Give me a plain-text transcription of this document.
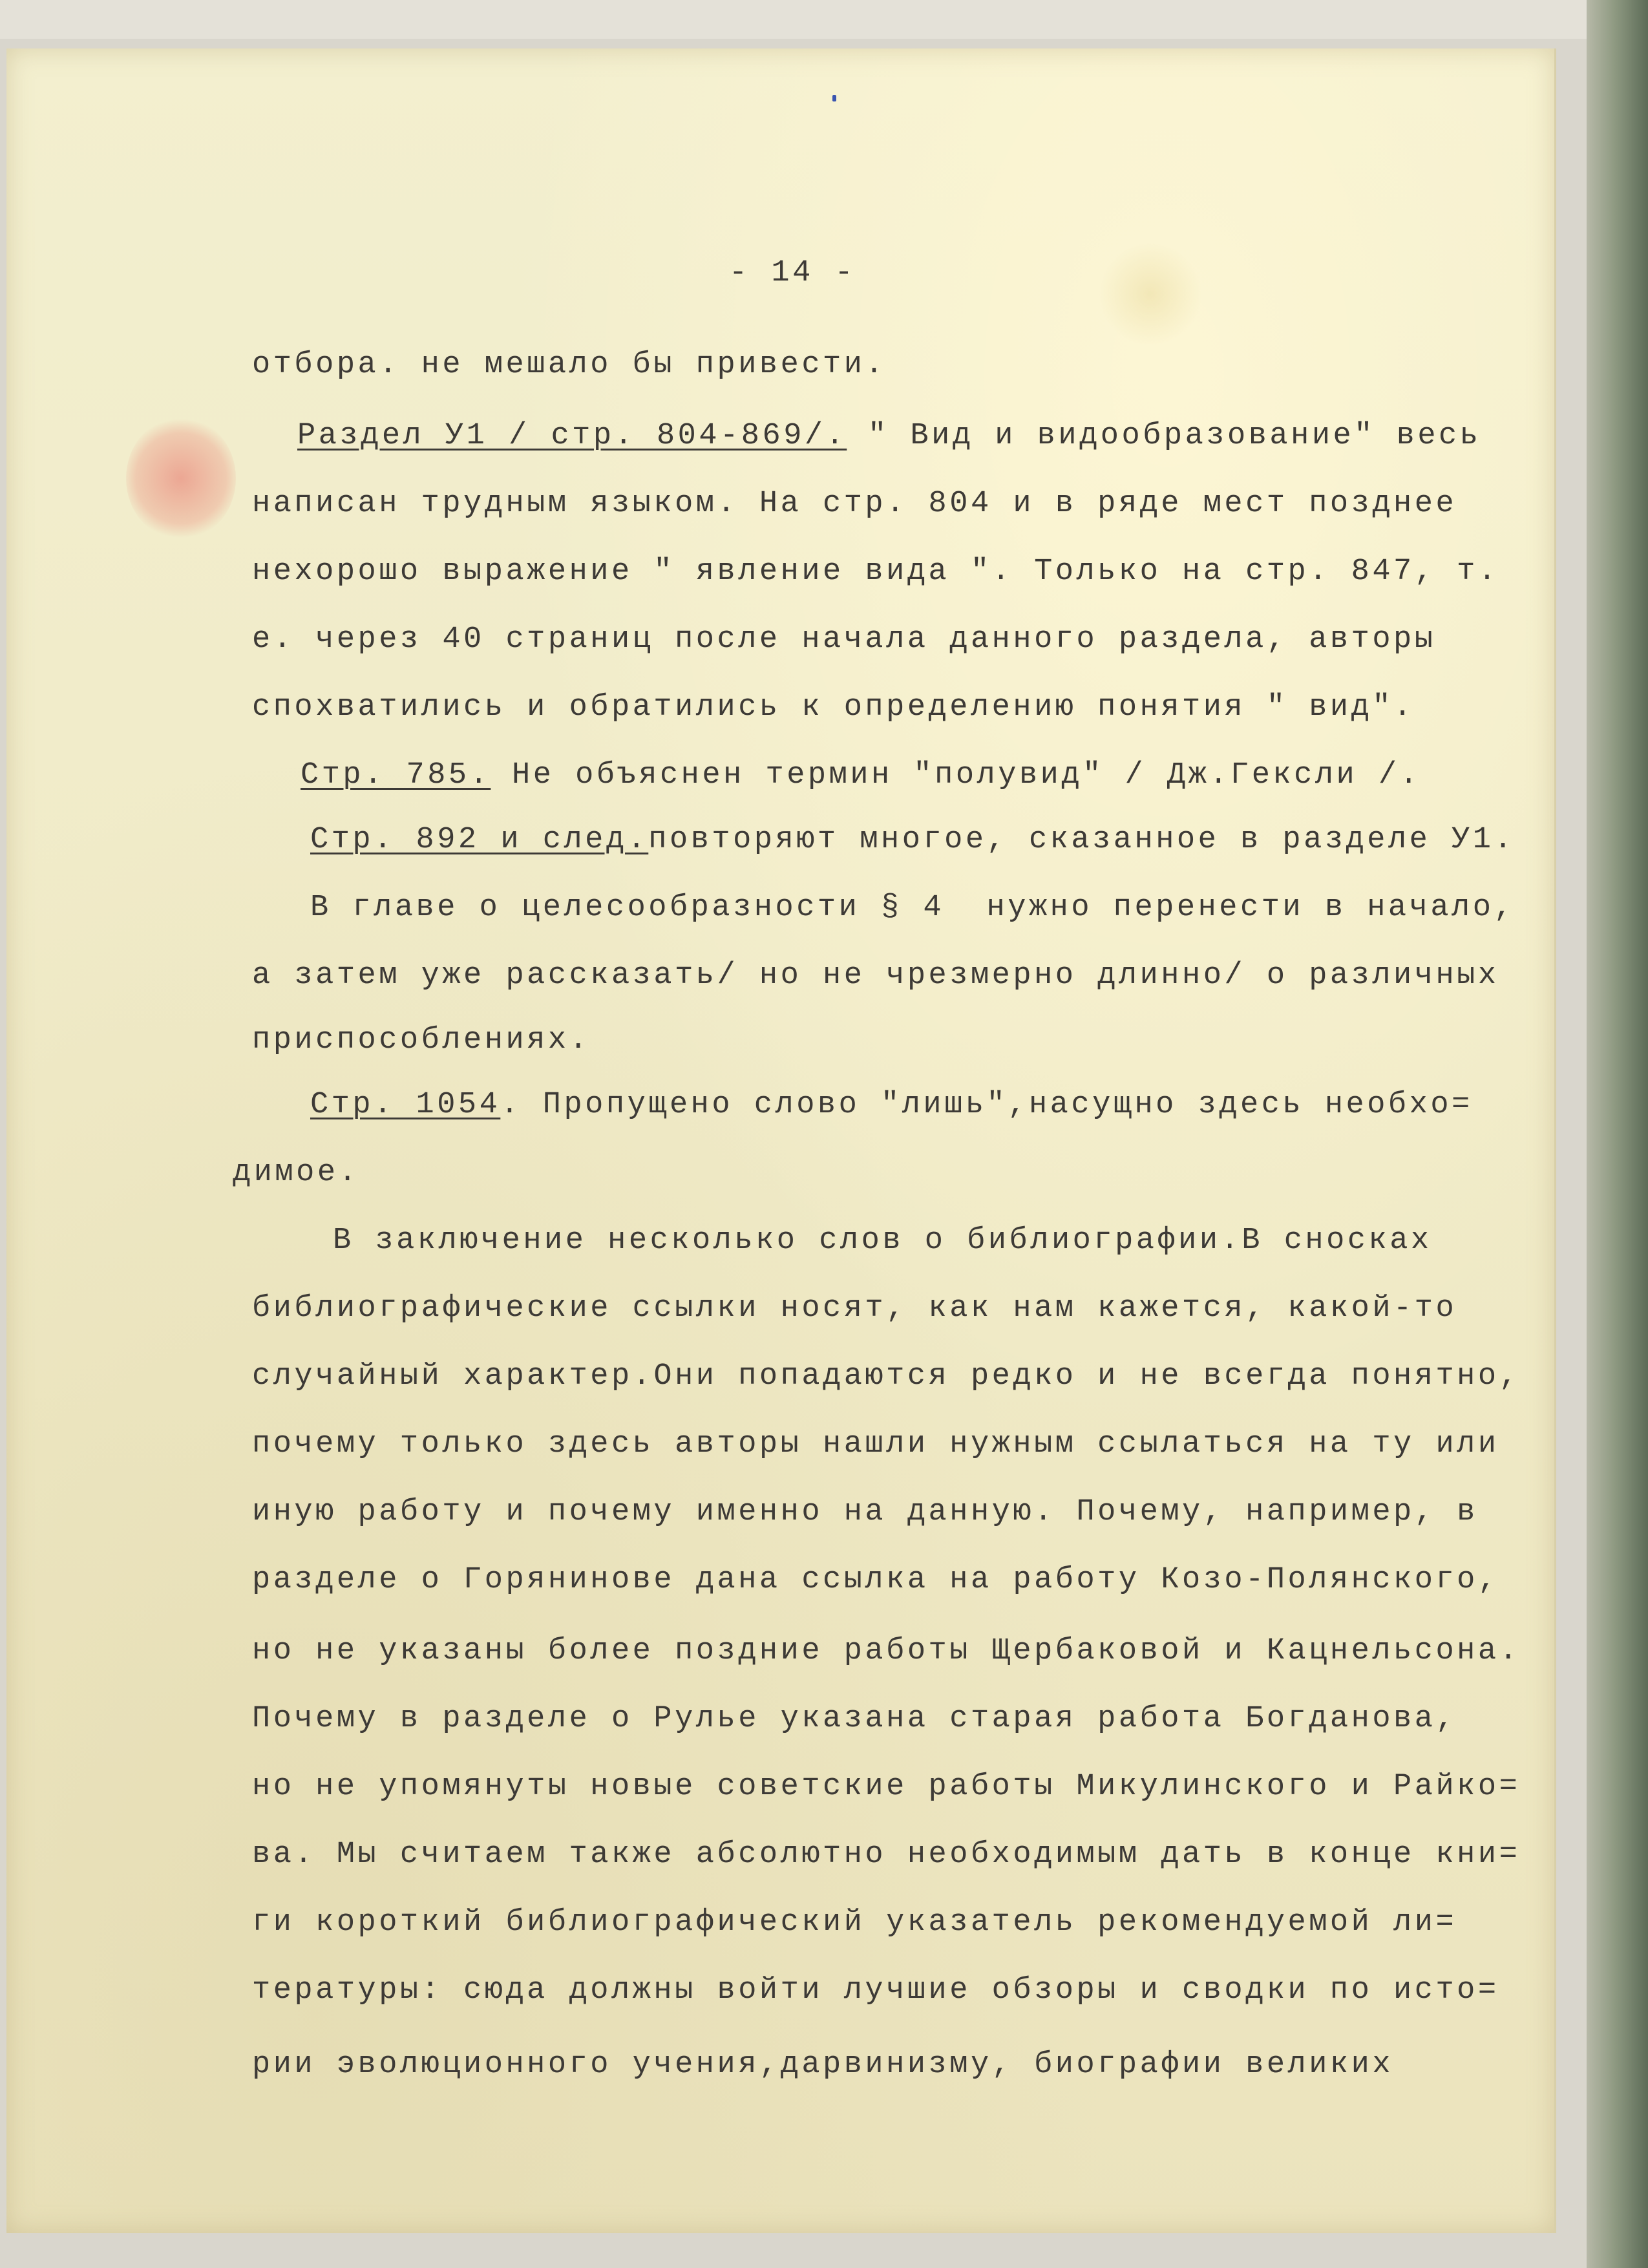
- 14 -

отбора. не мешало бы привести.

Раздел У1 / стр. 804-869/. " Вид и видообразование" весь

написан трудным языком. На стр. 804 и в ряде мест позднее

нехорошо выражение " явление вида ". Только на стр. 847, т.

е. через 40 страниц после начала данного раздела, авторы

спохватились и обратились к определению понятия " вид".

Стр. 785. Не объяснен термин "полувид" / Дж.Гексли /.

Стр. 892 и след.повторяют многое, сказанное в разделе У1.

В главе о целесообразности § 4  нужно перенести в начало,

а затем уже рассказать/ но не чрезмерно длинно/ о различных

приспособлениях.

Стр. 1054. Пропущено слово "лишь",насущно здесь необхо=

димое.

В заключение несколько слов о библиографии.В сносках

библиографические ссылки носят, как нам кажется, какой-то

случайный характер.Они попадаются редко и не всегда понятно,

почему только здесь авторы нашли нужным ссылаться на ту или

иную работу и почему именно на данную. Почему, например, в

разделе о Горянинове дана ссылка на работу Козо-Полянского,

но не указаны более поздние работы Щербаковой и Кацнельсона.

Почему в разделе о Рулье указана старая работа Богданова,

но не упомянуты новые советские работы Микулинского и Райко=

ва. Мы считаем также абсолютно необходимым дать в конце кни=

ги короткий библиографический указатель рекомендуемой ли=

тературы: сюда должны войти лучшие обзоры и сводки по исто=

рии эволюционного учения,дарвинизму, биографии великих
